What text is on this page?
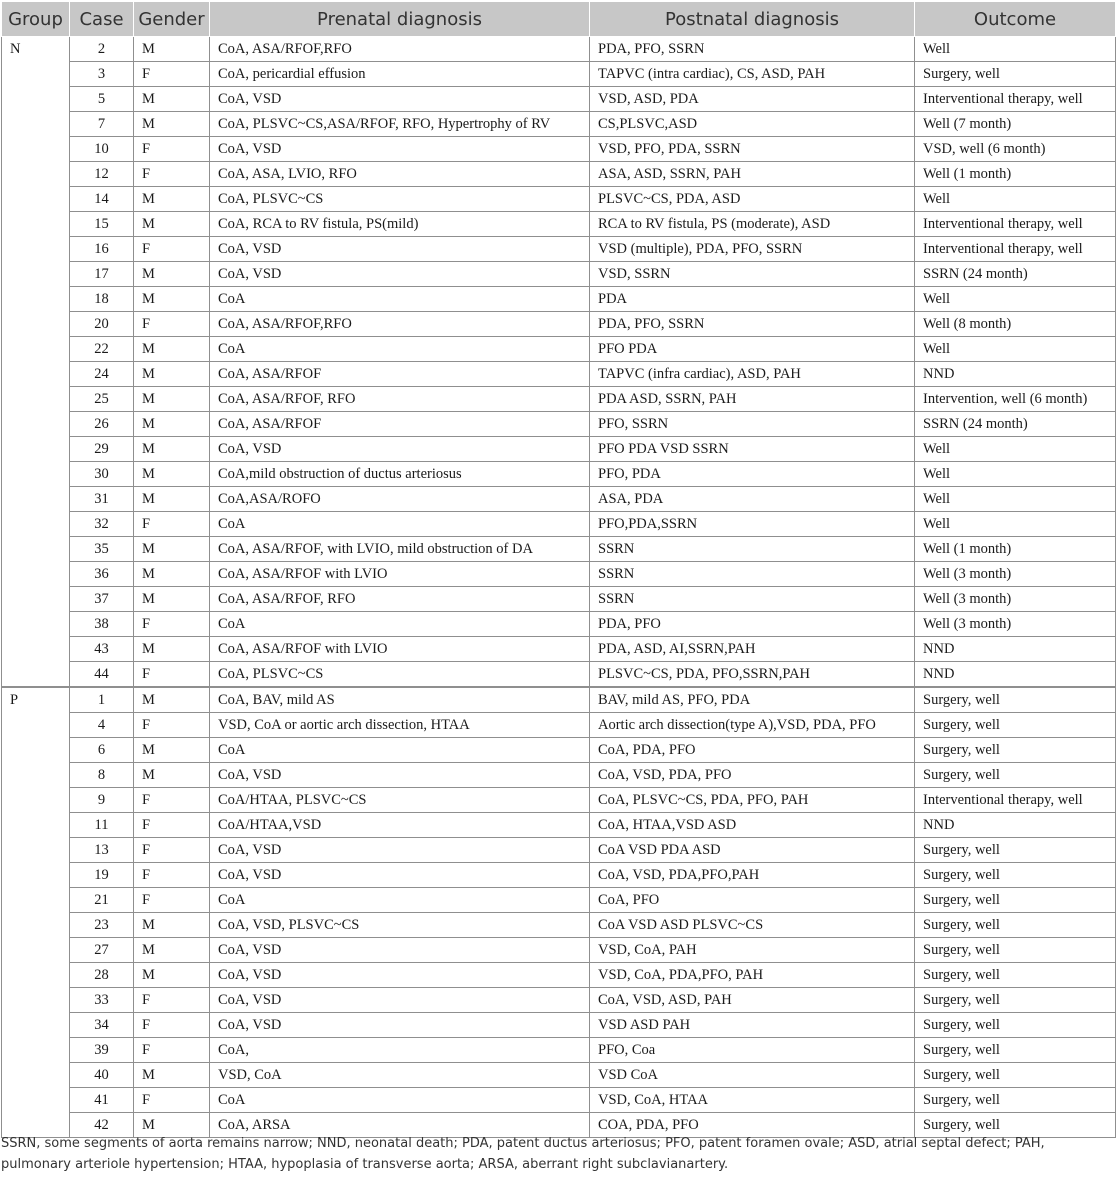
Group	Case	Gender	Prenatal diagnosis	Postnatal diagnosis	Outcome
N	2	M	CoA, ASA/RFOF,RFO	PDA, PFO, SSRN	Well
	3	F	CoA, pericardial effusion	TAPVC (intra cardiac), CS, ASD, PAH	Surgery, well
	5	M	CoA, VSD	VSD, ASD, PDA	Interventional therapy, well
	7	M	CoA, PLSVC~CS,ASA/RFOF, RFO, Hypertrophy of RV	CS,PLSVC,ASD	Well (7 month)
	10	F	CoA, VSD	VSD, PFO, PDA, SSRN	VSD, well (6 month)
	12	F	CoA, ASA, LVIO, RFO	ASA, ASD, SSRN, PAH	Well (1 month)
	14	M	CoA, PLSVC~CS	PLSVC~CS, PDA, ASD	Well
	15	M	CoA, RCA to RV fistula, PS(mild)	RCA to RV fistula, PS (moderate), ASD	Interventional therapy, well
	16	F	CoA, VSD	VSD (multiple), PDA, PFO, SSRN	Interventional therapy, well
	17	M	CoA, VSD	VSD, SSRN	SSRN (24 month)
	18	M	CoA	PDA	Well
	20	F	CoA, ASA/RFOF,RFO	PDA, PFO, SSRN	Well (8 month)
	22	M	CoA	PFO PDA	Well
	24	M	CoA, ASA/RFOF	TAPVC (infra cardiac), ASD, PAH	NND
	25	M	CoA, ASA/RFOF, RFO	PDA ASD, SSRN, PAH	Intervention, well (6 month)
	26	M	CoA, ASA/RFOF	PFO, SSRN	SSRN (24 month)
	29	M	CoA, VSD	PFO PDA VSD SSRN	Well
	30	M	CoA,mild obstruction of ductus arteriosus	PFO, PDA	Well
	31	M	CoA,ASA/ROFO	ASA, PDA	Well
	32	F	CoA	PFO,PDA,SSRN	Well
	35	M	CoA, ASA/RFOF, with LVIO, mild obstruction of DA	SSRN	Well (1 month)
	36	M	CoA, ASA/RFOF with LVIO	SSRN	Well (3 month)
	37	M	CoA, ASA/RFOF, RFO	SSRN	Well (3 month)
	38	F	CoA	PDA, PFO	Well (3 month)
	43	M	CoA, ASA/RFOF with LVIO	PDA, ASD, AI,SSRN,PAH	NND
	44	F	CoA, PLSVC~CS	PLSVC~CS, PDA, PFO,SSRN,PAH	NND
P	1	M	CoA, BAV, mild AS	BAV, mild AS, PFO, PDA	Surgery, well
	4	F	VSD, CoA or aortic arch dissection, HTAA	Aortic arch dissection(type A),VSD, PDA, PFO	Surgery, well
	6	M	CoA	CoA, PDA, PFO	Surgery, well
	8	M	CoA, VSD	CoA, VSD, PDA, PFO	Surgery, well
	9	F	CoA/HTAA, PLSVC~CS	CoA, PLSVC~CS, PDA, PFO, PAH	Interventional therapy, well
	11	F	CoA/HTAA,VSD	CoA, HTAA,VSD ASD	NND
	13	F	CoA, VSD	CoA VSD PDA ASD	Surgery, well
	19	F	CoA, VSD	CoA, VSD, PDA,PFO,PAH	Surgery, well
	21	F	CoA	CoA, PFO	Surgery, well
	23	M	CoA, VSD, PLSVC~CS	CoA VSD ASD PLSVC~CS	Surgery, well
	27	M	CoA, VSD	VSD, CoA, PAH	Surgery, well
	28	M	CoA, VSD	VSD, CoA, PDA,PFO, PAH	Surgery, well
	33	F	CoA, VSD	CoA, VSD, ASD, PAH	Surgery, well
	34	F	CoA, VSD	VSD ASD PAH	Surgery, well
	39	F	CoA,	PFO, Coa	Surgery, well
	40	M	VSD, CoA	VSD CoA	Surgery, well
	41	F	CoA	VSD, CoA, HTAA	Surgery, well
	42	M	CoA, ARSA	COA, PDA, PFO	Surgery, well
SSRN, some segments of aorta remains narrow; NND, neonatal death; PDA, patent ductus arteriosus; PFO, patent foramen ovale; ASD, atrial septal defect; PAH, pulmonary arteriole hypertension; HTAA, hypoplasia of transverse aorta; ARSA, aberrant right subclavianartery.
